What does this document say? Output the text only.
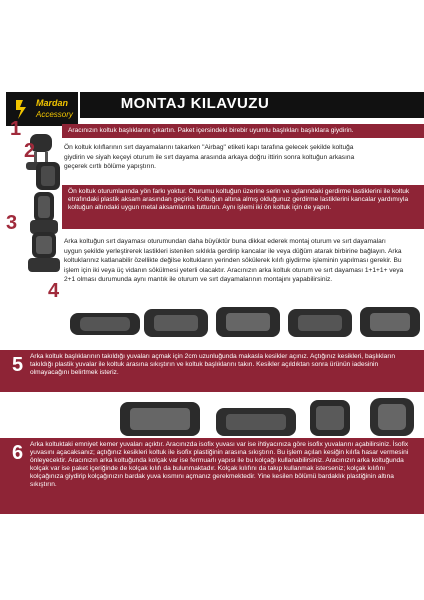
Mardan
Accessory
MONTAJ KILAVUZU
Aracınızın koltuk başlıklarını çıkartın. Paket içersindeki birebir uyumlu başlıkları başlıklara giydirin.
1
2	Ön koltuk kılıflarının sırt dayamalarını takarken "Airbag" etiketi kapı tarafına gelecek şekilde koltuğa giydirin ve siyah keçeyi oturum ile sırt dayama arasında arkaya doğru ittirin sonra koltuğun arkasına geçerek cırtlı bölüme yapıştırın.
Ön koltuk oturumlarında yön farkı yoktur. Oturumu koltuğun üzerine serin ve uçlarındaki gerdirme lastiklerini ile koltuk etrafındaki plastik aksam arasından geçirin. Koltuğun altına almış olduğunuz gerdirme lastiklerini kancalar yardımıyla koltuğun altındaki uygun metal aksamlarına tutturun. Aynı işlemi iki ön koltuk için de yapın.
3
Arka koltuğun sırt dayaması oturumundan daha büyüktür buna dikkat ederek montaj oturum ve sırt dayamaları uygun şekilde yerleştirerek lastikleri istenilen sıklıkla gerdirip kancalar ile veya düğüm atarak birbirine bağlayın. Arka koltuklarınız katlanabilir özellikte değilse koltukların yerinden sökülerek kılıfı giydirme işleminin yapılması gerekir. Bu işlem için iki veya üç vidanın sökülmesi yeterli olacaktır. Aracınızın arka koltuk oturum ve sırt dayaması 1+1+1+ veya 2+1 olması durumunda aynı mantık ile oturum ve sırt dayamalarının montajını yapabilirsiniz.
4
Arka koltuk başlıklarının takıldığı yuvaları açmak için 2cm uzunluğunda makasla kesikler açınız. Açtığınız kesikleri, başlıkların takıldığı plastik yuvalar ile koltuk arasına sıkıştırın ve koltuk başlıklarını takın. Kesikler açıldıktan sonra ürünün iadesinin olmayacağını belirtmek isteriz.
5
Arka koltuktaki emniyet kemer yuvaları açıktır. Aracınızda isofix yuvası var ise ihtiyacınıza göre isofix yuvalarını açabilirsiniz. İsofix yuvasını açacaksanız; açtığınız kesikleri koltuk ile isofix plastiğinin arasına sıkıştırın. Bu işlem açılan kesiğin kılıfa hasar vermesini önleyecektir. Aracınızın arka koltuğunda kolçak var ise fermuarlı yapısı ile bu kolçağı kullanabilirsiniz. Aracınızın arka koltuğunda kolçak var ise paket içeriğinde de kolçak kılıfı da bulunmaktadır. Kolçak kılıfını da takıp kullanmak isterseniz; kolçak kılıfını kolçağınıza giydirip kolçağınızın bardak yuva kısmını açmanız gerekmektedir. Yine kesilen bölümü bardaklık plastiğinin altına sıkıştırın.
6
